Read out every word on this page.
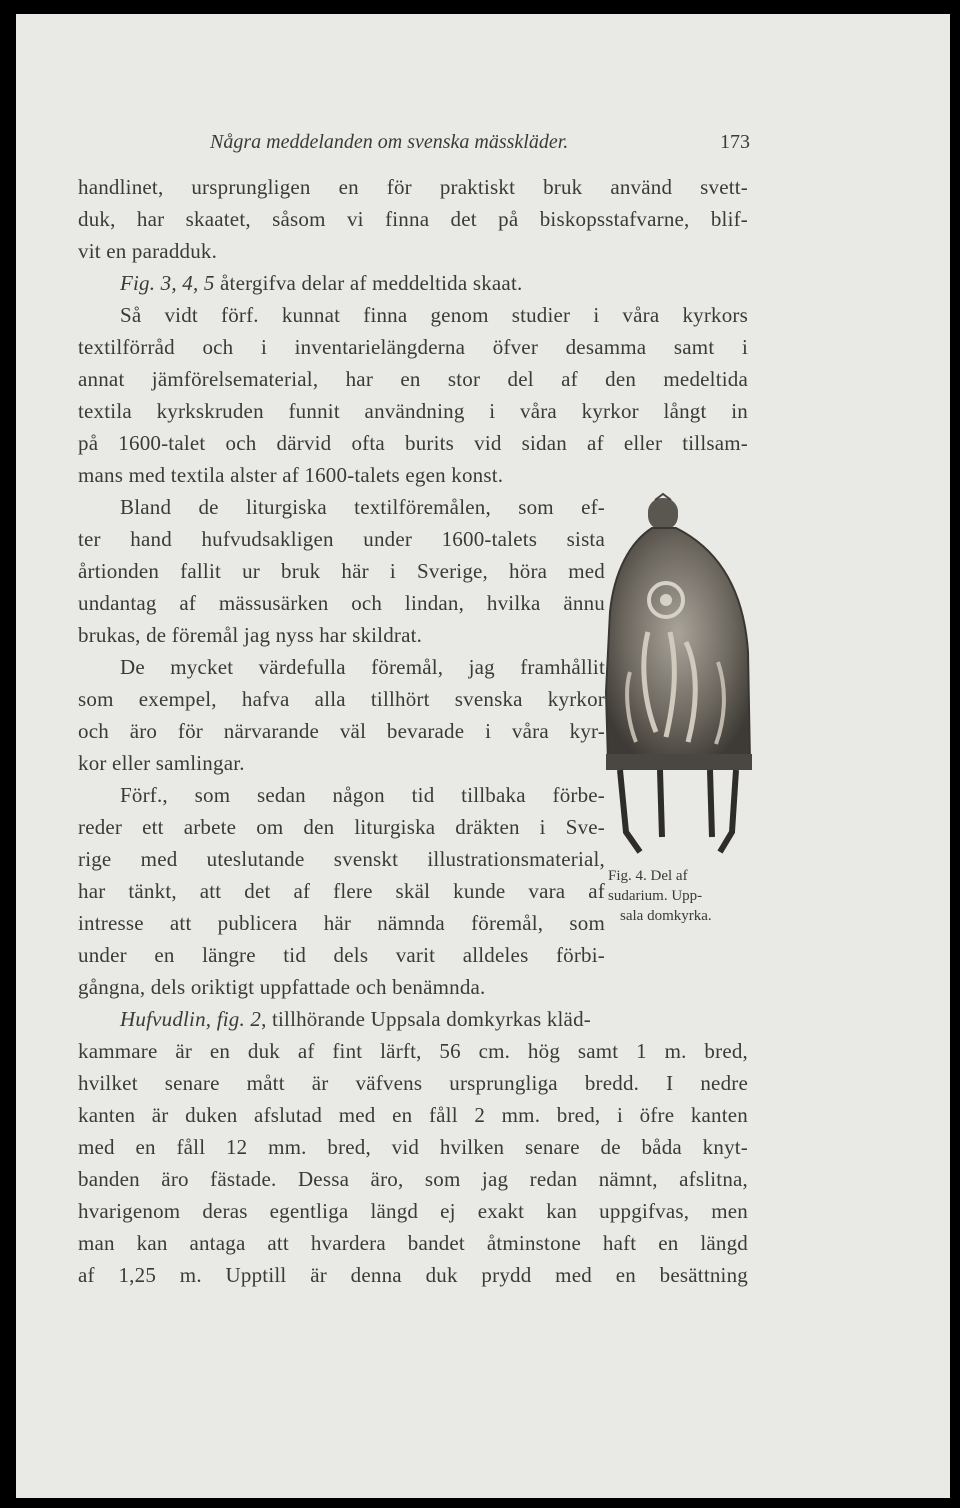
Några meddelanden om svenska mässkläder.	173
handlinet, ursprungligen en för praktiskt bruk använd svett-
duk, har skaatet, såsom vi finna det på biskopsstafvarne, blif-
vit en paradduk.
Fig. 3, 4, 5 återgifva delar af meddeltida skaat.
Så vidt förf. kunnat finna genom studier i våra kyrkors
textilförråd och i inventarielängderna öfver desamma samt i
annat jämförelsematerial, har en stor del af den medeltida
textila kyrkskruden funnit användning i våra kyrkor långt in
på 1600-talet och därvid ofta burits vid sidan af eller tillsam-
mans med textila alster af 1600-talets egen konst.
Bland de liturgiska textilföremålen, som ef-
ter hand hufvudsakligen under 1600-talets sista
årtionden fallit ur bruk här i Sverige, höra med
undantag af mässusärken och lindan, hvilka ännu
brukas, de föremål jag nyss har skildrat.
De mycket värdefulla föremål, jag framhållit
som exempel, hafva alla tillhört svenska kyrkor
och äro för närvarande väl bevarade i våra kyr-
kor eller samlingar.
Förf., som sedan någon tid tillbaka förbe-
reder ett arbete om den liturgiska dräkten i Sve-
rige med uteslutande svenskt illustrationsmaterial,
har tänkt, att det af flere skäl kunde vara af
intresse att publicera här nämnda föremål, som
under en längre tid dels varit alldeles förbi-
gångna, dels oriktigt uppfattade och benämnda.
Hufvudlin, fig. 2, tillhörande Uppsala domkyrkas kläd-
kammare är en duk af fint lärft, 56 cm. hög samt 1 m. bred,
hvilket senare mått är väfvens ursprungliga bredd. I nedre
kanten är duken afslutad med en fåll 2 mm. bred, i öfre kanten
med en fåll 12 mm. bred, vid hvilken senare de båda knyt-
banden äro fästade. Dessa äro, som jag redan nämnt, afslitna,
hvarigenom deras egentliga längd ej exakt kan uppgifvas, men
man kan antaga att hvardera bandet åtminstone haft en längd
af 1,25 m. Upptill är denna duk prydd med en besättning
Fig. 4. Del af
sudarium. Upp-
sala domkyrka.
